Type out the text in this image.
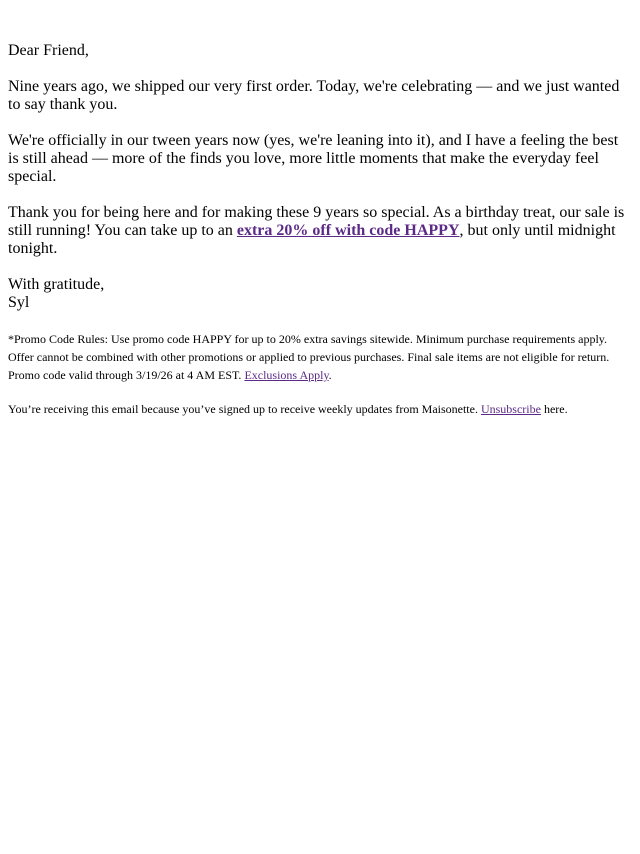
Dear Friend,

Nine years ago, we shipped our very first order. Today, we're celebrating — and we just wanted to say thank you.

We're officially in our tween years now (yes, we're leaning into it), and I have a feeling the best is still ahead — more of the finds you love, more little moments that make the everyday feel special.

Thank you for being here and for making these 9 years so special. As a birthday treat, our sale is still running! You can take up to an extra 20% off with code HAPPY, but only until midnight tonight.

With gratitude,

Syl

*Promo Code Rules: Use promo code HAPPY for up to 20% extra savings sitewide. Minimum purchase requirements apply. Offer cannot be combined with other promotions or applied to previous purchases. Final sale items are not eligible for return. Promo code valid through 3/19/26 at 4 AM EST. Exclusions Apply.

You’re receiving this email because you’ve signed up to receive weekly updates from Maisonette. Unsubscribe here.
